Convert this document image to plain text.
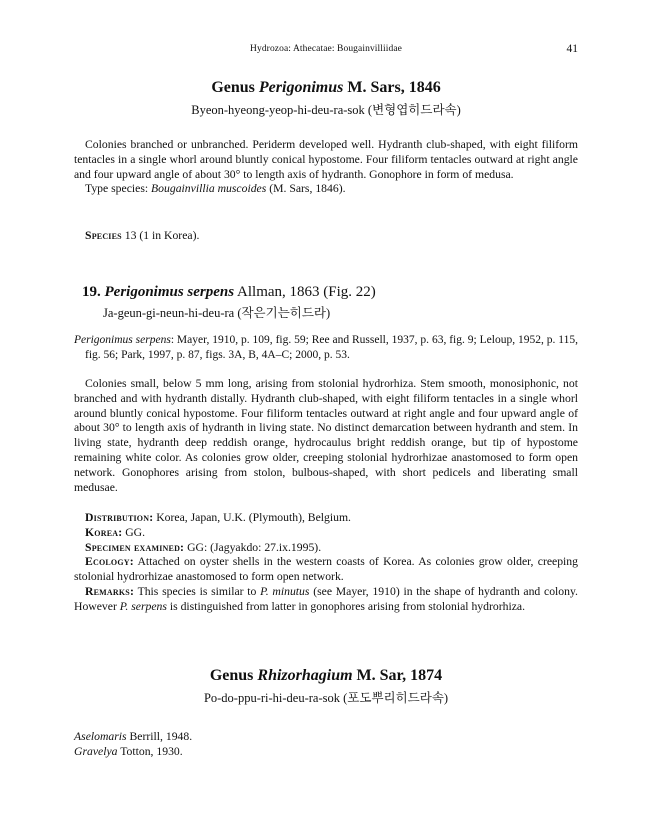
Hydrozoa: Athecatae: Bougainvilliidae	41
Genus Perigonimus M. Sars, 1846
Byeon-hyeong-yeop-hi-deu-ra-sok (변형엽히드라속)

Colonies branched or unbranched. Periderm developed well. Hydranth club-shaped, with eight filiform tentacles in a single whorl around bluntly conical hypostome. Four filiform tentacles outward at right angle and four upward angle of about 30° to length axis of hydranth. Gonophore in form of medusa.

Type species: Bougainvillia muscoides (M. Sars, 1846).

Species 13 (1 in Korea).

19. Perigonimus serpens Allman, 1863 (Fig. 22)
Ja-geun-gi-neun-hi-deu-ra (작은기는히드라)

Perigonimus serpens: Mayer, 1910, p. 109, fig. 59; Ree and Russell, 1937, p. 63, fig. 9; Leloup, 1952, p. 115, fig. 56; Park, 1997, p. 87, figs. 3A, B, 4A–C; 2000, p. 53.

Colonies small, below 5 mm long, arising from stolonial hydrorhiza. Stem smooth, monosiphonic, not branched and with hydranth distally. Hydranth club-shaped, with eight filiform tentacles in a single whorl around bluntly conical hypostome. Four filiform tentacles outward at right angle and four upward angle of about 30° to length axis of hydranth in living state. No distinct demarcation between hydranth and stem. In living state, hydranth deep reddish orange, hydrocaulus bright reddish orange, but tip of hypostome remaining white color. As colonies grow older, creeping stolonial hydrorhizae anastomosed to form open network. Gonophores arising from stolon, bulbous-shaped, with short pedicels and liberating small medusae.

Distribution: Korea, Japan, U.K. (Plymouth), Belgium.

Korea: GG.

Specimen examined: GG: (Jagyakdo: 27.ix.1995).

Ecology: Attached on oyster shells in the western coasts of Korea. As colonies grow older, creeping stolonial hydrorhizae anastomosed to form open network.

Remarks: This species is similar to P. minutus (see Mayer, 1910) in the shape of hydranth and colony. However P. serpens is distinguished from latter in gonophores arising from stolonial hydrorhiza.

Genus Rhizorhagium M. Sar, 1874
Po-do-ppu-ri-hi-deu-ra-sok (포도뿌리히드라속)
Aselomaris Berrill, 1948.
Gravelya Totton, 1930.
